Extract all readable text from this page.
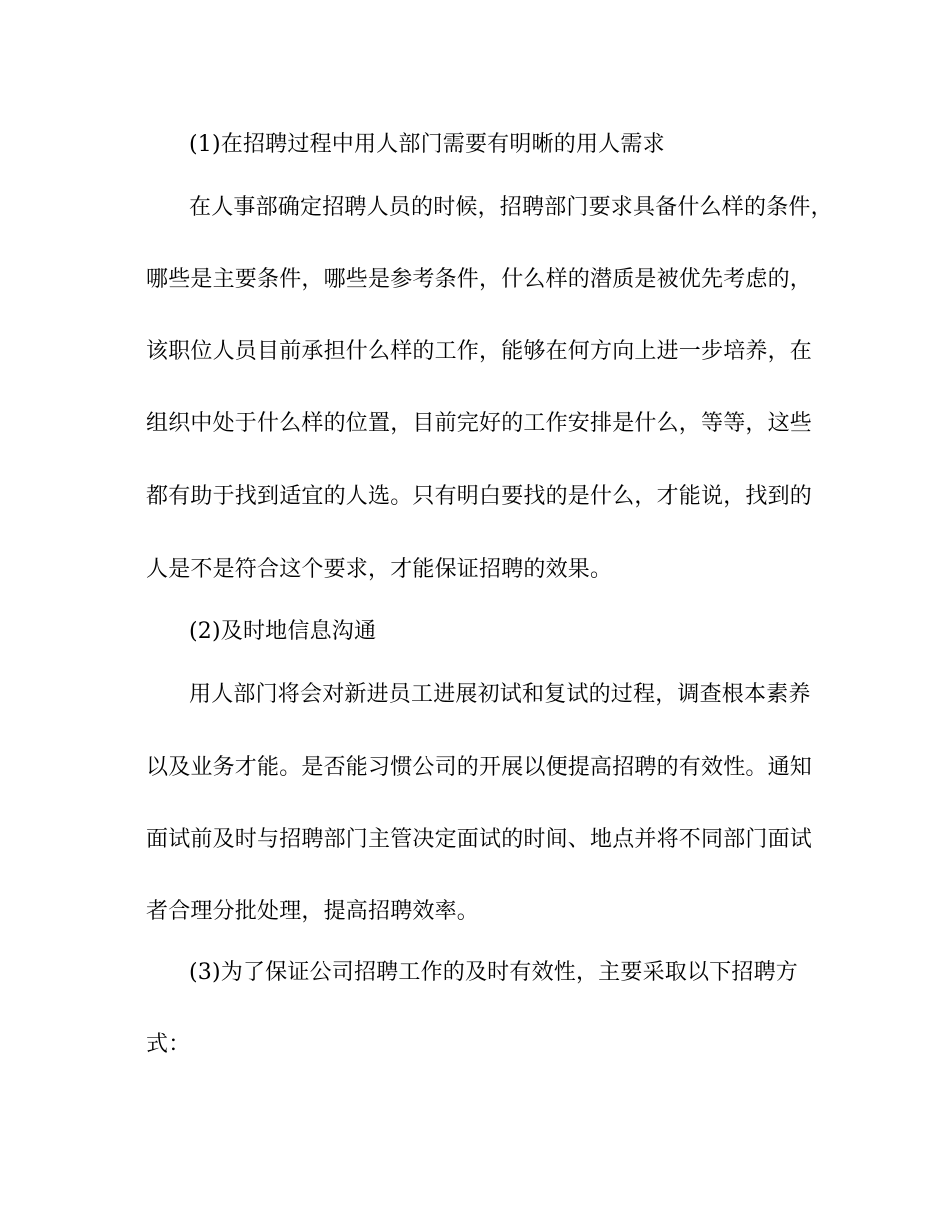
(1)在招聘过程中用人部门需要有明晰的用人需求
在人事部确定招聘人员的时候，招聘部门要求具备什么样的条件，
哪些是主要条件，哪些是参考条件，什么样的潜质是被优先考虑的，
该职位人员目前承担什么样的工作，能够在何方向上进一步培养，在
组织中处于什么样的位置，目前完好的工作安排是什么，等等，这些
都有助于找到适宜的人选。只有明白要找的是什么，才能说，找到的
人是不是符合这个要求，才能保证招聘的效果。
(2)及时地信息沟通
用人部门将会对新进员工进展初试和复试的过程，调查根本素养
以及业务才能。是否能习惯公司的开展以便提高招聘的有效性。通知
面试前及时与招聘部门主管决定面试的时间、地点并将不同部门面试
者合理分批处理，提高招聘效率。
(3)为了保证公司招聘工作的及时有效性，主要采取以下招聘方
式：
